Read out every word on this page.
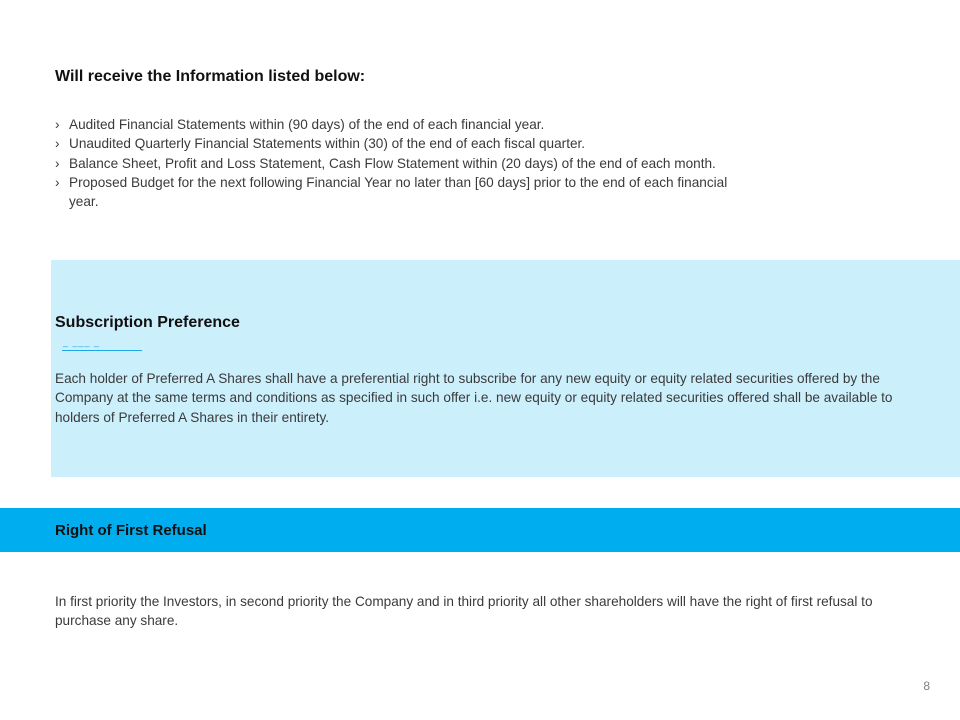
Will receive the Information listed below:
› Audited Financial Statements within (90 days) of the end of each financial year.
› Unaudited Quarterly Financial Statements within (30) of the end of each fiscal quarter.
› Balance Sheet, Profit and Loss Statement, Cash Flow Statement within (20 days) of the end of each month.
› Proposed Budget for the next following Financial Year no later than [60 days] prior to the end of each financial year.
Subscription Preference
_ ___ _
Each holder of Preferred A Shares shall have a preferential right to subscribe for any new equity or equity related securities offered by the Company at the same terms and conditions as specified in such offer i.e. new equity or equity related securities offered shall be available to holders of Preferred A Shares in their entirety.
Right of First Refusal
In first priority the Investors, in second priority the Company and in third priority all other shareholders will have the right of first refusal to purchase any share.
8
